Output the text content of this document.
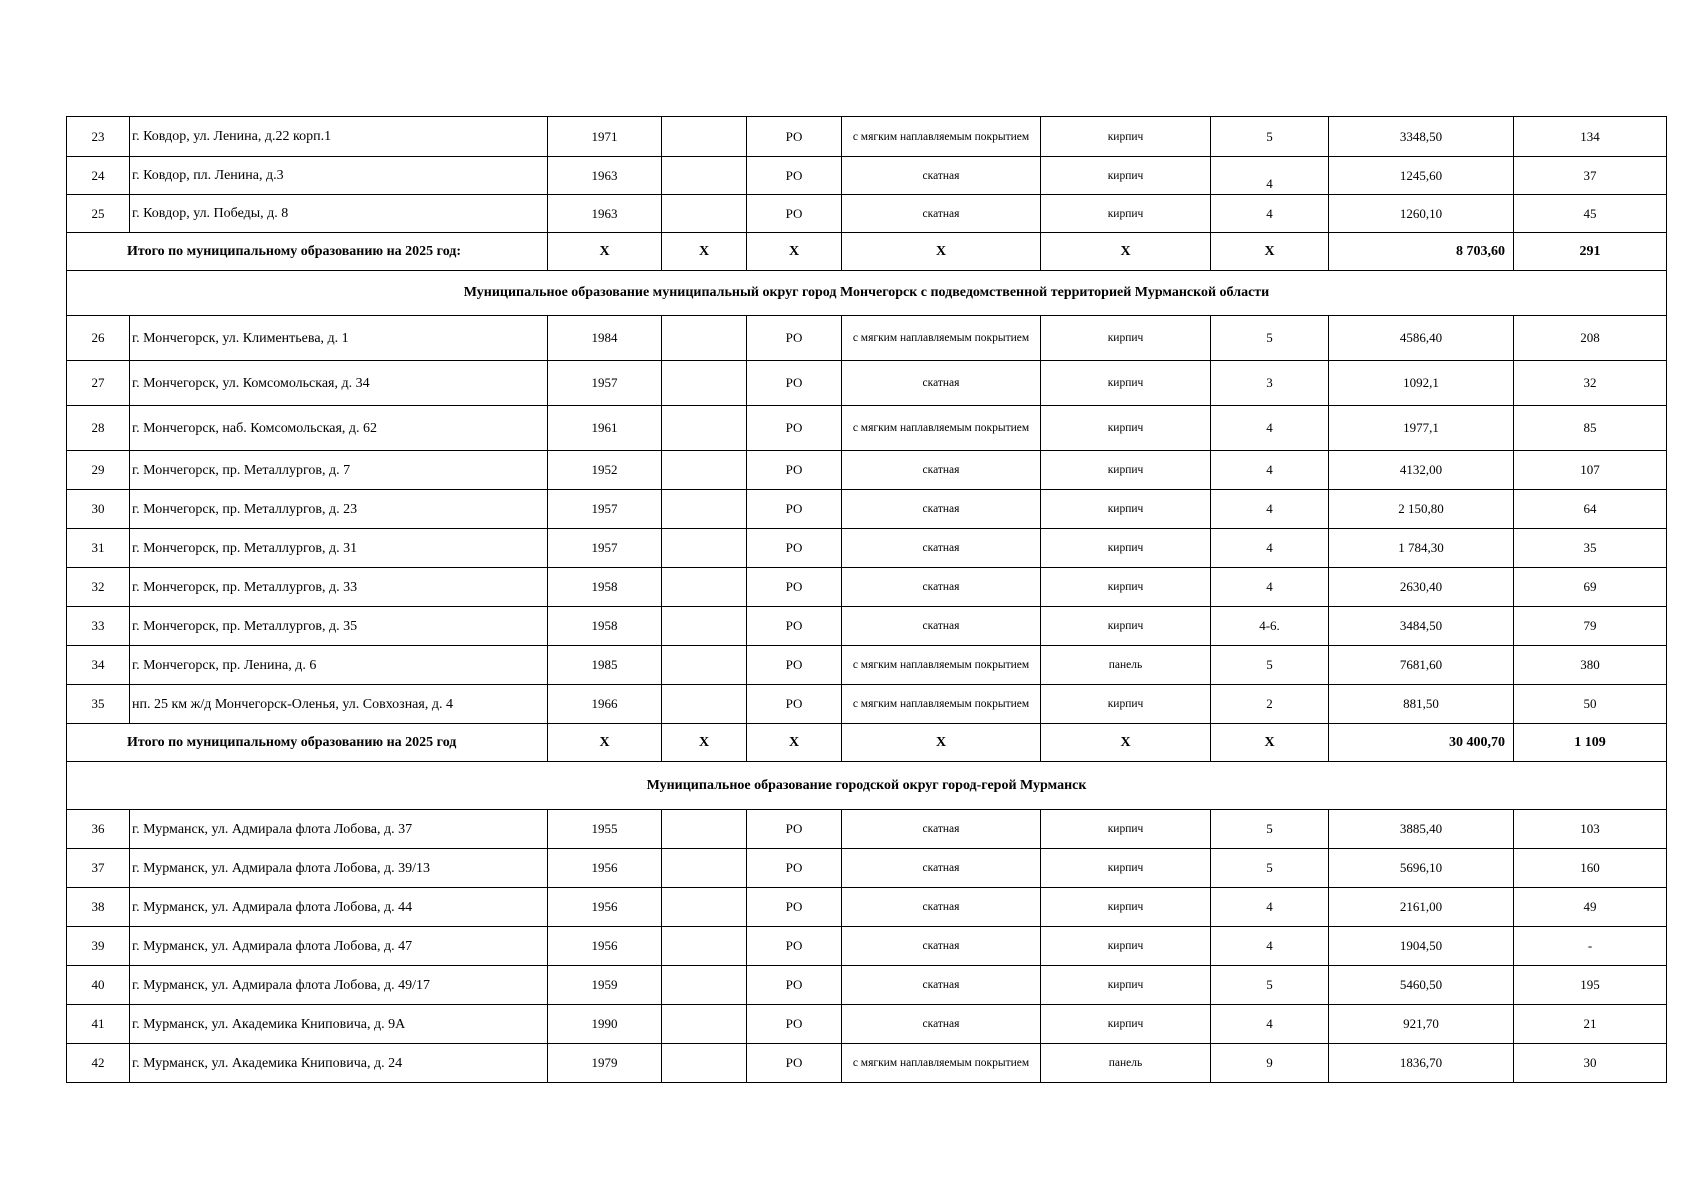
23	г. Ковдор, ул. Ленина, д.22 корп.1	1971		РО	с мягким наплавляемым покрытием	кирпич	5	3348,50	134
24	г. Ковдор, пл. Ленина, д.3	1963		РО	скатная	кирпич	4	1245,60	37
25	г. Ковдор, ул. Победы, д. 8	1963		РО	скатная	кирпич	4	1260,10	45
Итого по муниципальному образованию на 2025 год:		X	X	X	X	X	X	8 703,60	291
Муниципальное образование муниципальный округ город Мончегорск с подведомственной территорией Мурманской области									
26	г. Мончегорск, ул. Климентьева, д. 1	1984		РО	с мягким наплавляемым покрытием	кирпич	5	4586,40	208
27	г. Мончегорск, ул. Комсомольская, д. 34	1957		РО	скатная	кирпич	3	1092,1	32
28	г. Мончегорск, наб. Комсомольская, д. 62	1961		РО	с мягким наплавляемым покрытием	кирпич	4	1977,1	85
29	г. Мончегорск, пр. Металлургов, д. 7	1952		РО	скатная	кирпич	4	4132,00	107
30	г. Мончегорск, пр. Металлургов, д. 23	1957		РО	скатная	кирпич	4	2 150,80	64
31	г. Мончегорск, пр. Металлургов, д. 31	1957		РО	скатная	кирпич	4	1 784,30	35
32	г. Мончегорск, пр. Металлургов, д. 33	1958		РО	скатная	кирпич	4	2630,40	69
33	г. Мончегорск, пр. Металлургов, д. 35	1958		РО	скатная	кирпич	4-6.	3484,50	79
34	г. Мончегорск, пр. Ленина, д. 6	1985		РО	с мягким наплавляемым покрытием	панель	5	7681,60	380
35	нп. 25 км ж/д Мончегорск-Оленья, ул. Совхозная, д. 4	1966		РО	с мягким наплавляемым покрытием	кирпич	2	881,50	50
Итого по муниципальному образованию на 2025 год		X	X	X	X	X	X	30 400,70	1 109
Муниципальное образование городской округ город-герой Мурманск									
36	г. Мурманск, ул. Адмирала флота Лобова, д. 37	1955		РО	скатная	кирпич	5	3885,40	103
37	г. Мурманск, ул. Адмирала флота Лобова, д. 39/13	1956		РО	скатная	кирпич	5	5696,10	160
38	г. Мурманск, ул. Адмирала флота Лобова, д. 44	1956		РО	скатная	кирпич	4	2161,00	49
39	г. Мурманск, ул. Адмирала флота Лобова, д. 47	1956		РО	скатная	кирпич	4	1904,50	-
40	г. Мурманск, ул. Адмирала флота Лобова, д. 49/17	1959		РО	скатная	кирпич	5	5460,50	195
41	г. Мурманск, ул. Академика Книповича, д. 9А	1990		РО	скатная	кирпич	4	921,70	21
42	г. Мурманск, ул. Академика Книповича, д. 24	1979		РО	с мягким наплавляемым покрытием	панель	9	1836,70	30
